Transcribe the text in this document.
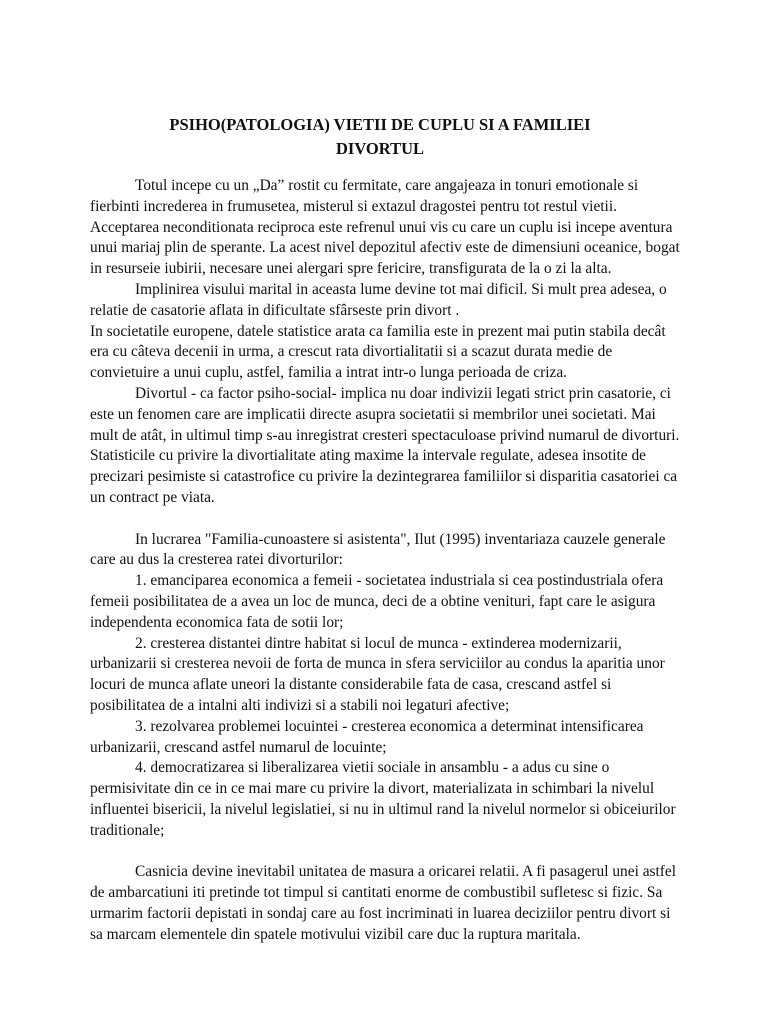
PSIHO(PATOLOGIA) VIETII DE CUPLU SI A FAMILIEI
DIVORTUL

Totul incepe cu un „Da” rostit cu fermitate, care angajeaza in tonuri emotionale si fierbinti increderea in frumusetea, misterul si extazul dragostei pentru tot restul vietii. Acceptarea neconditionata reciproca este refrenul unui vis cu care un cuplu isi incepe aventura unui mariaj plin de sperante. La acest nivel depozitul afectiv este de dimensiuni oceanice, bogat in resurseie iubirii, necesare unei alergari spre fericire, transfigurata de la o zi la alta.

Implinirea visului marital in aceasta lume devine tot mai dificil. Si mult prea adesea, o relatie de casatorie aflata in dificultate sfârseste prin divort .

In societatile europene, datele statistice arata ca familia este in prezent mai putin stabila decât era cu câteva decenii in urma, a crescut rata divortialitatii si a scazut durata medie de convietuire a unui cuplu, astfel, familia a intrat intr-o lunga perioada de criza.

Divortul - ca factor psiho-social- implica nu doar indivizii legati strict prin casatorie, ci este un fenomen care are implicatii directe asupra societatii si membrilor unei societati. Mai mult de atât, in ultimul timp s-au inregistrat cresteri spectaculoase privind numarul de divorturi. Statisticile cu privire la divortialitate ating maxime la intervale regulate, adesea insotite de precizari pesimiste si catastrofice cu privire la dezintegrarea familiilor si disparitia casatoriei ca un contract pe viata.

In lucrarea "Familia-cunoastere si asistenta", Ilut (1995) inventariaza cauzele generale care au dus la cresterea ratei divorturilor:

1. emanciparea economica a femeii - societatea industriala si cea postindustriala ofera femeii posibilitatea de a avea un loc de munca, deci de a obtine venituri, fapt care le asigura independenta economica fata de sotii lor;

2. cresterea distantei dintre habitat si locul de munca - extinderea modernizarii, urbanizarii si cresterea nevoii de forta de munca in sfera serviciilor au condus la aparitia unor locuri de munca aflate uneori la distante considerabile fata de casa, crescand astfel si posibilitatea de a intalni alti indivizi si a stabili noi legaturi afective;

3. rezolvarea problemei locuintei - cresterea economica a determinat intensificarea urbanizarii, crescand astfel numarul de locuinte;

4. democratizarea si liberalizarea vietii sociale in ansamblu - a adus cu sine o permisivitate din ce in ce mai mare cu privire la divort, materializata in schimbari la nivelul influentei bisericii, la nivelul legislatiei, si nu in ultimul rand la nivelul normelor si obiceiurilor traditionale;

Casnicia devine inevitabil unitatea de masura a oricarei relatii. A fi pasagerul unei astfel de ambarcatiuni iti pretinde tot timpul si cantitati enorme de combustibil sufletesc si fizic. Sa urmarim factorii depistati in sondaj care au fost incriminati in luarea deciziilor pentru divort si sa marcam elementele din spatele motivului vizibil care duc la ruptura maritala.
